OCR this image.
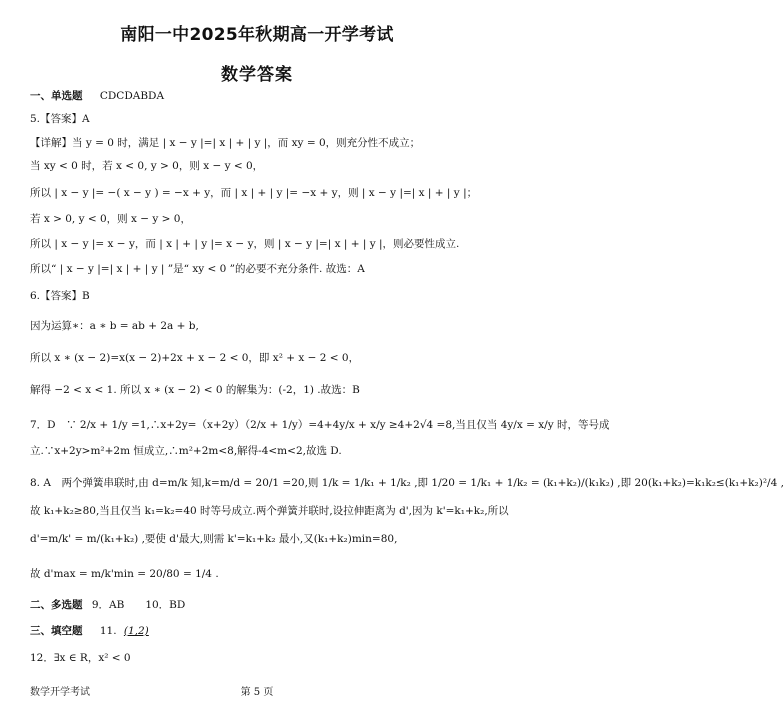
南阳一中2025年秋期高一开学考试
数学答案
一、单选题 CDCDABDA
5.【答案】A
【详解】当 y = 0 时，满足 | x − y |=| x | + | y |，而 xy = 0，则充分性不成立；
当 xy < 0 时，若 x < 0, y > 0，则 x − y < 0，
所以 | x − y |= −( x − y ) = −x + y，而 | x | + | y |= −x + y，则 | x − y |=| x | + | y |；
若 x > 0, y < 0，则 x − y > 0，
所以 | x − y |= x − y，而 | x | + | y |= x − y，则 | x − y |=| x | + | y |，则必要性成立.
所以“ | x − y |=| x | + | y | ”是“ xy < 0 ”的必要不充分条件. 故选：A
6.【答案】B
因为运算∗：a ∗ b = ab + 2a + b,
所以 x ∗ (x − 2)=x(x − 2)+2x + x − 2 < 0，即 x² + x − 2 < 0，
解得 −2 < x < 1. 所以 x ∗ (x − 2) < 0 的解集为：(-2，1) .故选：B
7．D　∵ 2/x + 1/y =1,∴x+2y=（x+2y）（2/x + 1/y）=4+4y/x + x/y ≥4+2√4 =8,当且仅当 4y/x = x/y 时，等号成
立.∵x+2y>m²+2m 恒成立,∴m²+2m<8,解得-4<m<2,故选 D.
8. A　两个弹簧串联时,由 d=m/k 知,k=m/d = 20/1 =20,则 1/k = 1/k₁ + 1/k₂ ,即 1/20 = 1/k₁ + 1/k₂ = (k₁+k₂)/(k₁k₂) ,即 20(k₁+k₂)=k₁k₂≤(k₁+k₂)²/4 ,
故 k₁+k₂≥80,当且仅当 k₁=k₂=40 时等号成立.两个弹簧并联时,设拉伸距离为 d',因为 k'=k₁+k₂,所以
d'=m/k' = m/(k₁+k₂) ,要使 d'最大,则需 k'=k₁+k₂ 最小,又(k₁+k₂)min=80,
故 d'max = m/k'min = 20/80 = 1/4 .
二、多选题 9．AB　　10．BD
三、填空题 11. (1,2)
12．∃x ∈ R，x² < 0
数学开学考试	第 5 页
